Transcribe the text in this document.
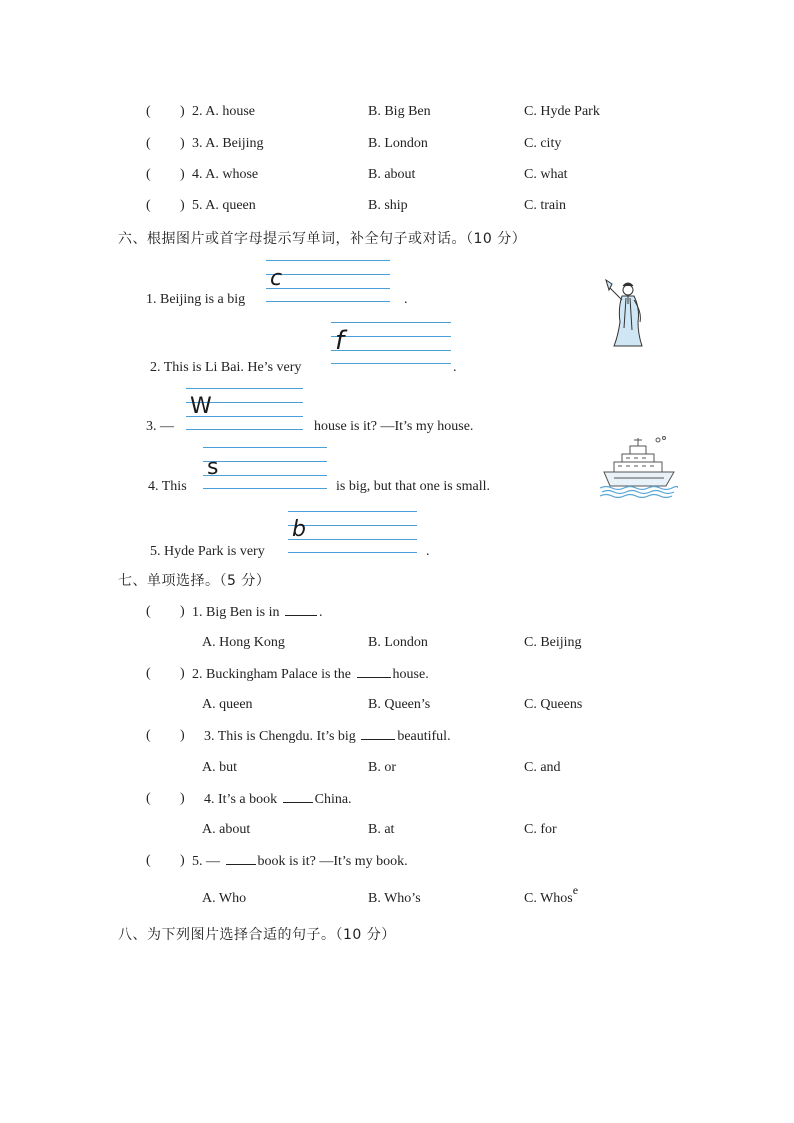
( ) 2. A. house	B. Big Ben	C. Hyde Park
( ) 3. A. Beijing	B. London	C. city
( ) 4. A. whose	B. about	C. what
( ) 5. A. queen	B. ship	C. train
六、根据图片或首字母提示写单词，补全句子或对话。（10 分）
1. Beijing is a big
c
.
2. This is Li Bai. He’s very
f
.
3. —
W
house is it? —It’s my house.
4. This
s
is big, but that one is small.
5. Hyde Park is very
b
.
七、单项选择。（5 分）
( ) 1. Big Ben is in	.
A. Hong Kong	B. London	C. Beijing
( ) 2. Buckingham Palace is the	house.
A. queen	B. Queen’s	C. Queens
( ) 3. This is Chengdu. It’s big	beautiful.
A. but	B. or	C. and
( ) 4. It’s a book	China.
A. about	B. at	C. for
( ) 5. —	book is it? —It’s my book.
A. Who	B. Who’s	C. Whose
八、为下列图片选择合适的句子。（10 分）
